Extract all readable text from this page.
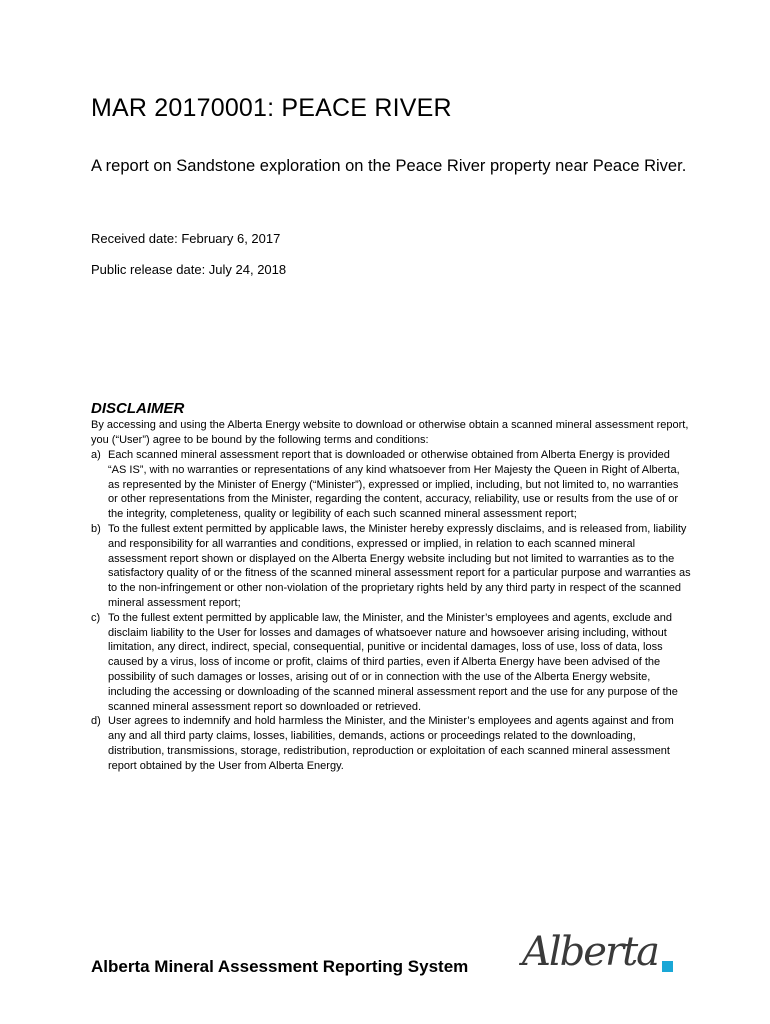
MAR 20170001: PEACE RIVER

A report on Sandstone exploration on the Peace River property near Peace River.

Received date: February 6, 2017

Public release date: July 24, 2018

DISCLAIMER

By accessing and using the Alberta Energy website to download or otherwise obtain a scanned mineral assessment report, you (“User”) agree to be bound by the following terms and conditions:

a) Each scanned mineral assessment report that is downloaded or otherwise obtained from Alberta Energy is provided “AS IS”, with no warranties or representations of any kind whatsoever from Her Majesty the Queen in Right of Alberta, as represented by the Minister of Energy (“Minister”), expressed or implied, including, but not limited to, no warranties or other representations from the Minister, regarding the content, accuracy, reliability, use or results from the use of or the integrity, completeness, quality or legibility of each such scanned mineral assessment report;
b) To the fullest extent permitted by applicable laws, the Minister hereby expressly disclaims, and is released from, liability and responsibility for all warranties and conditions, expressed or implied, in relation to each scanned mineral assessment report shown or displayed on the Alberta Energy website including but not limited to warranties as to the satisfactory quality of or the fitness of the scanned mineral assessment report for a particular purpose and warranties as to the non-infringement or other non-violation of the proprietary rights held by any third party in respect of the scanned mineral assessment report;
c) To the fullest extent permitted by applicable law, the Minister, and the Minister’s employees and agents, exclude and disclaim liability to the User for losses and damages of whatsoever nature and howsoever arising including, without limitation, any direct, indirect, special, consequential, punitive or incidental damages, loss of use, loss of data, loss caused by a virus, loss of income or profit, claims of third parties, even if Alberta Energy have been advised of the possibility of such damages or losses, arising out of or in connection with the use of the Alberta Energy website, including the accessing or downloading of the scanned mineral assessment report and the use for any purpose of the scanned mineral assessment report so downloaded or retrieved.
d) User agrees to indemnify and hold harmless the Minister, and the Minister’s employees and agents against and from any and all third party claims, losses, liabilities, demands, actions or proceedings related to the downloading, distribution, transmissions, storage, redistribution, reproduction or exploitation of each scanned mineral assessment report obtained by the User from Alberta Energy.

Alberta Mineral Assessment Reporting System Alberta
